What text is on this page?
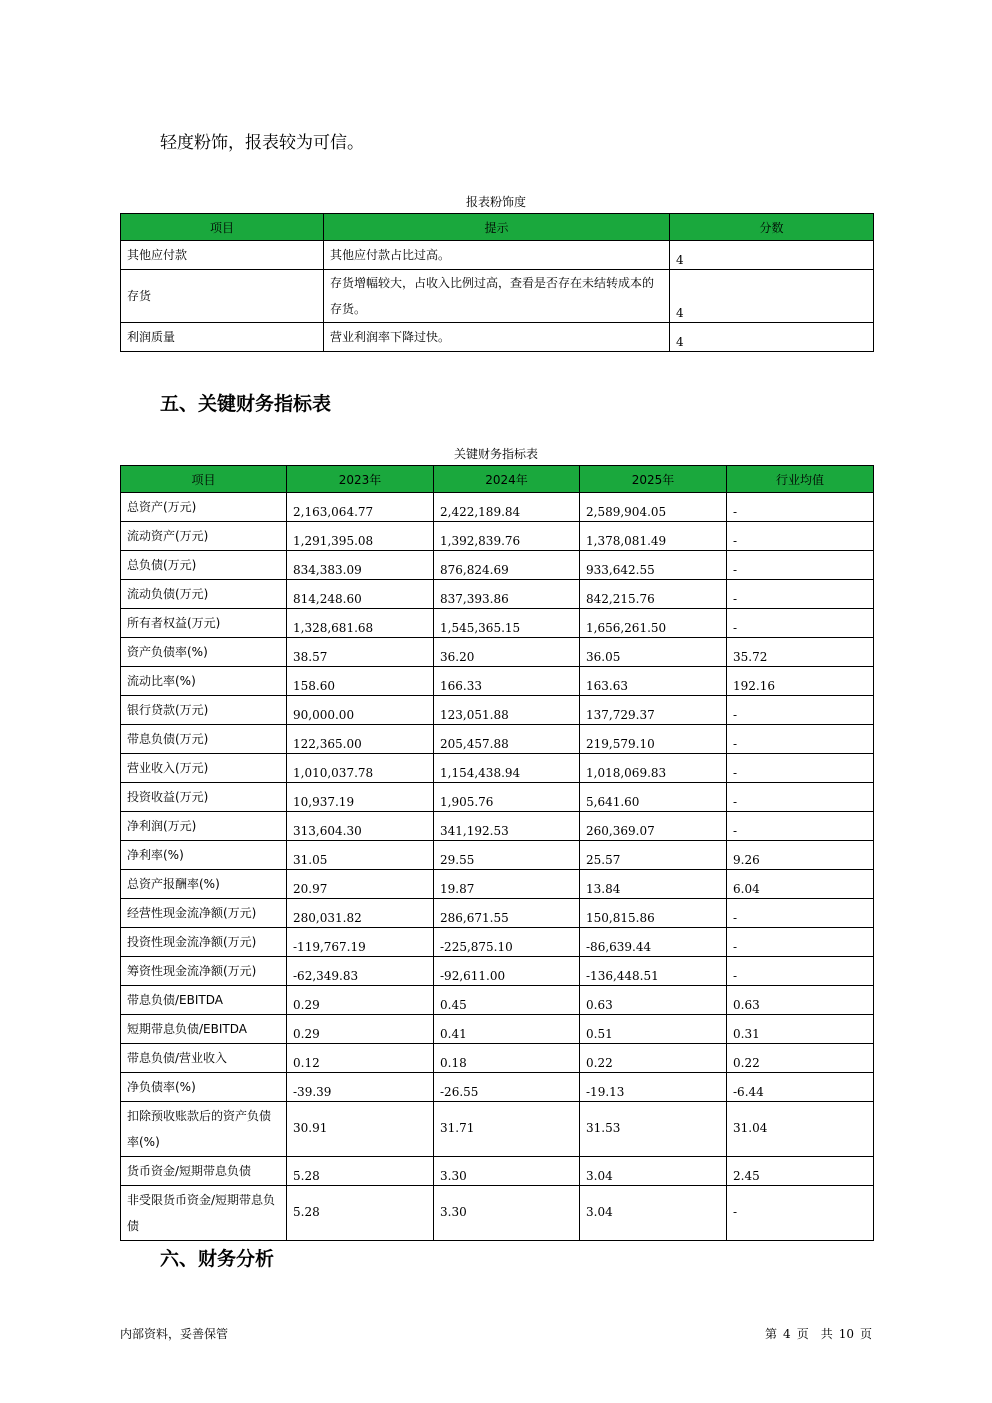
轻度粉饰，报表较为可信。
报表粉饰度
项目	提示	分数
其他应付款	其他应付款占比过高。	4
存货	存货增幅较大，占收入比例过高，查看是否存在未结转成本的存货。	4
利润质量	营业利润率下降过快。	4
五、关键财务指标表
关键财务指标表
项目	2023年	2024年	2025年	行业均值
总资产(万元)	2,163,064.77	2,422,189.84	2,589,904.05	-
流动资产(万元)	1,291,395.08	1,392,839.76	1,378,081.49	-
总负债(万元)	834,383.09	876,824.69	933,642.55	-
流动负债(万元)	814,248.60	837,393.86	842,215.76	-
所有者权益(万元)	1,328,681.68	1,545,365.15	1,656,261.50	-
资产负债率(%)	38.57	36.20	36.05	35.72
流动比率(%)	158.60	166.33	163.63	192.16
银行贷款(万元)	90,000.00	123,051.88	137,729.37	-
带息负债(万元)	122,365.00	205,457.88	219,579.10	-
营业收入(万元)	1,010,037.78	1,154,438.94	1,018,069.83	-
投资收益(万元)	10,937.19	1,905.76	5,641.60	-
净利润(万元)	313,604.30	341,192.53	260,369.07	-
净利率(%)	31.05	29.55	25.57	9.26
总资产报酬率(%)	20.97	19.87	13.84	6.04
经营性现金流净额(万元)	280,031.82	286,671.55	150,815.86	-
投资性现金流净额(万元)	-119,767.19	-225,875.10	-86,639.44	-
筹资性现金流净额(万元)	-62,349.83	-92,611.00	-136,448.51	-
带息负债/EBITDA	0.29	0.45	0.63	0.63
短期带息负债/EBITDA	0.29	0.41	0.51	0.31
带息负债/营业收入	0.12	0.18	0.22	0.22
净负债率(%)	-39.39	-26.55	-19.13	-6.44
扣除预收账款后的资产负债率(%)	30.91	31.71	31.53	31.04
货币资金/短期带息负债	5.28	3.30	3.04	2.45
非受限货币资金/短期带息负债	5.28	3.30	3.04	-
六、财务分析
内部资料，妥善保管	第 4 页　共 10 页
